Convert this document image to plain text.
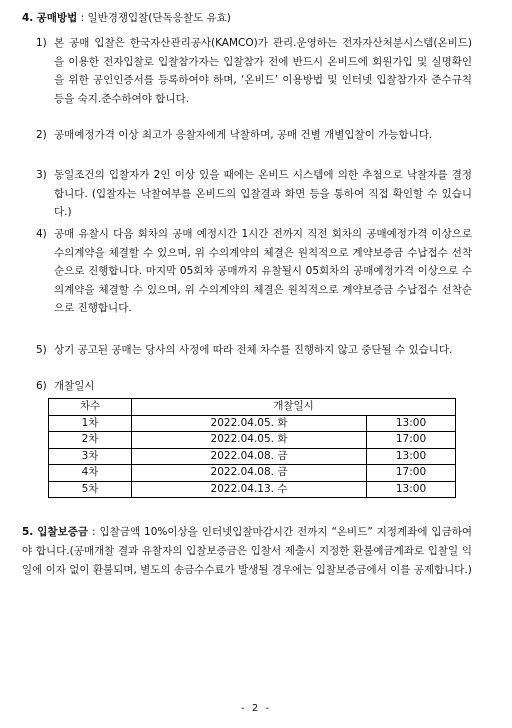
4. 공매방법 : 일반경쟁입찰(단독응찰도 유효)
1) 본 공매 입찰은 한국자산관리공사(KAMCO)가 관리.운영하는 전자자산처분시스템(온비드)을 이용한 전자입찰로 입찰참가자는 입찰참가 전에 반드시 온비드에 회원가입 및 실명확인을 위한 공인인증서를 등록하여야 하며, ‘온비드’ 이용방법 및 인터넷 입찰참가자 준수규칙 등을 숙지.준수하여야 합니다.
2) 공매예정가격 이상 최고가 응찰자에게 낙찰하며, 공매 건별 개별입찰이 가능합니다.
3) 동일조건의 입찰자가 2인 이상 있을 때에는 온비드 시스템에 의한 추첨으로 낙찰자를 결정합니다. (입찰자는 낙찰여부를 온비드의 입찰결과 화면 등을 통하여 직접 확인할 수 있습니다.)
4) 공매 유찰시 다음 회차의 공매 예정시간 1시간 전까지 직전 회차의 공매예정가격 이상으로 수의계약을 체결할 수 있으며, 위 수의계약의 체결은 원칙적으로 계약보증금 수납접수 선착순으로 진행합니다. 마지막 05회차 공매까지 유찰될시 05회차의 공매예정가격 이상으로 수의계약을 체결할 수 있으며, 위 수의계약의 체결은 원칙적으로 계약보증금 수납접수 선착순으로 진행합니다.
5) 상기 공고된 공매는 당사의 사정에 따라 전체 차수를 진행하지 않고 중단될 수 있습니다.
6) 개찰일시
차수	개찰일시	
1차	2022.04.05. 화	13:00
2차	2022.04.05. 화	17:00
3차	2022.04.08. 금	13:00
4차	2022.04.08. 금	17:00
5차	2022.04.13. 수	13:00
5. 입찰보증금 : 입찰금액 10%이상을 인터넷입찰마감시간 전까지 “온비드” 지정계좌에 입금하여야 합니다.(공매개찰 결과 유찰자의 입찰보증금은 입찰서 제출시 지정한 환불예금계좌로 입찰일 익일에 이자 없이 환불되며, 별도의 송금수수료가 발생될 경우에는 입찰보증금에서 이를 공제합니다.)
- 2 -
